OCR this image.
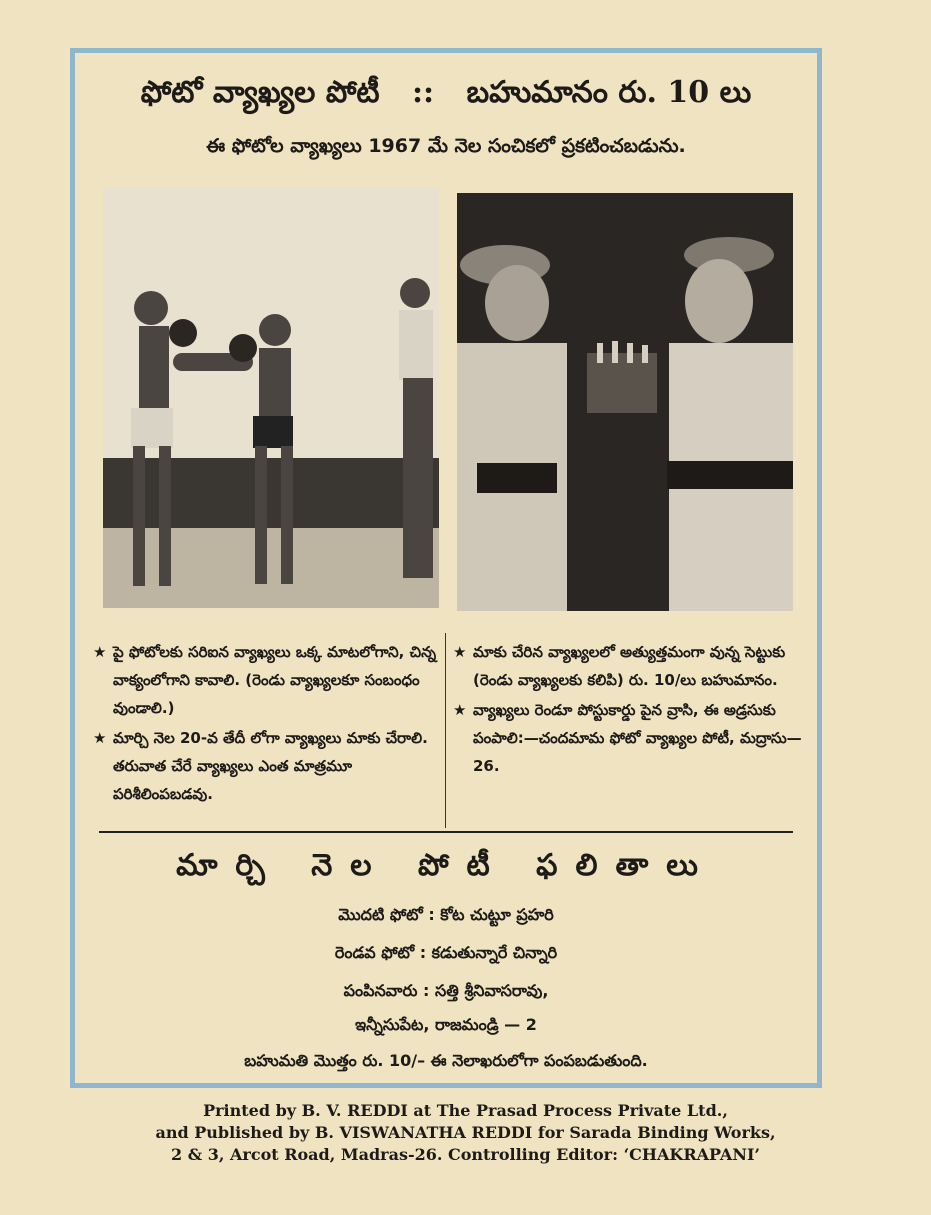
ఫోటో వ్యాఖ్యల పోటీ :: బహుమానం రు. 10 లు
ఈ ఫోటోల వ్యాఖ్యలు 1967 మే నెల సంచికలో ప్రకటించబడును.
★ పై ఫోటోలకు సరిఐన వ్యాఖ్యలు ఒక్క మాటలోగాని, చిన్న వాక్యంలోగాని కావాలి. (రెండు వ్యాఖ్యలకూ సంబంధం వుండాలి.)
★ మార్చి నెల 20-వ తేదీ లోగా వ్యాఖ్యలు మాకు చేరాలి. తరువాత చేరే వ్యాఖ్యలు ఎంత మాత్రమూ పరిశీలింపబడవు.
★ మాకు చేరిన వ్యాఖ్యలలో అత్యుత్తమంగా వున్న సెట్టుకు (రెండు వ్యాఖ్యలకు కలిపి) రు. 10/లు బహుమానం.
★ వ్యాఖ్యలు రెండూ పోస్టుకార్డు పైన వ్రాసి, ఈ అడ్రసుకు పంపాలి:—చందమామ ఫోటో వ్యాఖ్యల పోటీ, మద్రాసు—26.
మార్చి నెల పోటీ ఫలితాలు
మొదటి ఫోటో : కోట చుట్టూ ప్రహరి
రెండవ ఫోటో : కడుతున్నారే చిన్నారి
పంపినవారు : సత్తి శ్రీనివాసరావు,
ఇన్నీసుపేట, రాజమండ్రి — 2
బహుమతి మొత్తం రు. 10/– ఈ నెలాఖరులోగా పంపబడుతుంది.
Printed by B. V. REDDI at The Prasad Process Private Ltd.,
and Published by B. VISWANATHA REDDI for Sarada Binding Works,
2 & 3, Arcot Road, Madras-26. Controlling Editor: ‘CHAKRAPANI’
